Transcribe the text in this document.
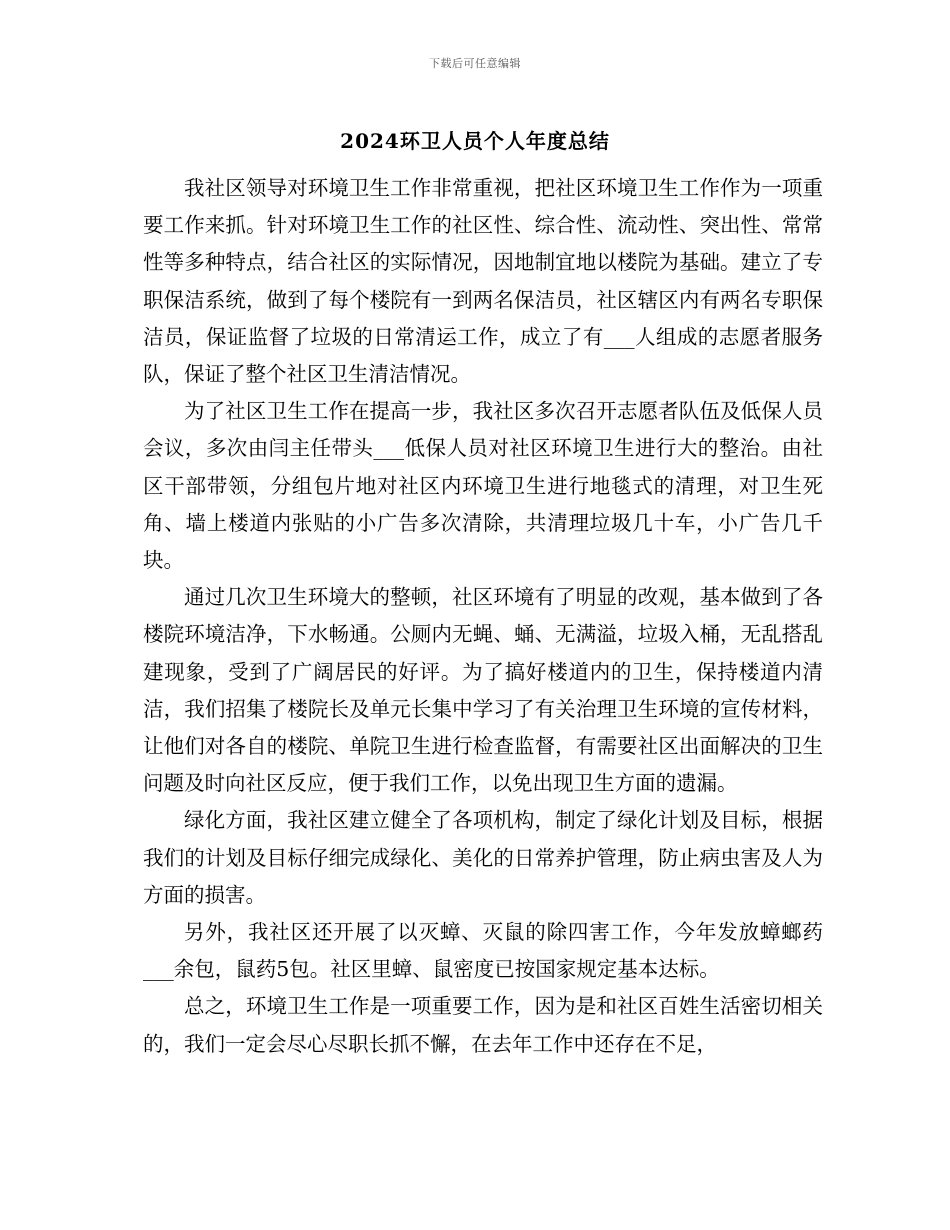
下载后可任意编辑
2024环卫人员个人年度总结

我社区领导对环境卫生工作非常重视，把社区环境卫生工作作为一项重要工作来抓。针对环境卫生工作的社区性、综合性、流动性、突出性、常常性等多种特点，结合社区的实际情况，因地制宜地以楼院为基础。建立了专职保洁系统，做到了每个楼院有一到两名保洁员，社区辖区内有两名专职保洁员，保证监督了垃圾的日常清运工作，成立了有___人组成的志愿者服务队，保证了整个社区卫生清洁情况。

为了社区卫生工作在提高一步，我社区多次召开志愿者队伍及低保人员会议，多次由闫主任带头___低保人员对社区环境卫生进行大的整治。由社区干部带领，分组包片地对社区内环境卫生进行地毯式的清理，对卫生死角、墙上楼道内张贴的小广告多次清除，共清理垃圾几十车，小广告几千块。

通过几次卫生环境大的整顿，社区环境有了明显的改观，基本做到了各楼院环境洁净，下水畅通。公厕内无蝇、蛹、无满溢，垃圾入桶，无乱搭乱建现象，受到了广阔居民的好评。为了搞好楼道内的卫生，保持楼道内清洁，我们招集了楼院长及单元长集中学习了有关治理卫生环境的宣传材料，让他们对各自的楼院、单院卫生进行检查监督，有需要社区出面解决的卫生问题及时向社区反应，便于我们工作，以免出现卫生方面的遗漏。

绿化方面，我社区建立健全了各项机构，制定了绿化计划及目标，根据我们的计划及目标仔细完成绿化、美化的日常养护管理，防止病虫害及人为方面的损害。

另外，我社区还开展了以灭蟑、灭鼠的除四害工作，今年发放蟑螂药___余包，鼠药5包。社区里蟑、鼠密度已按国家规定基本达标。

总之，环境卫生工作是一项重要工作，因为是和社区百姓生活密切相关的，我们一定会尽心尽职长抓不懈，在去年工作中还存在不足，
